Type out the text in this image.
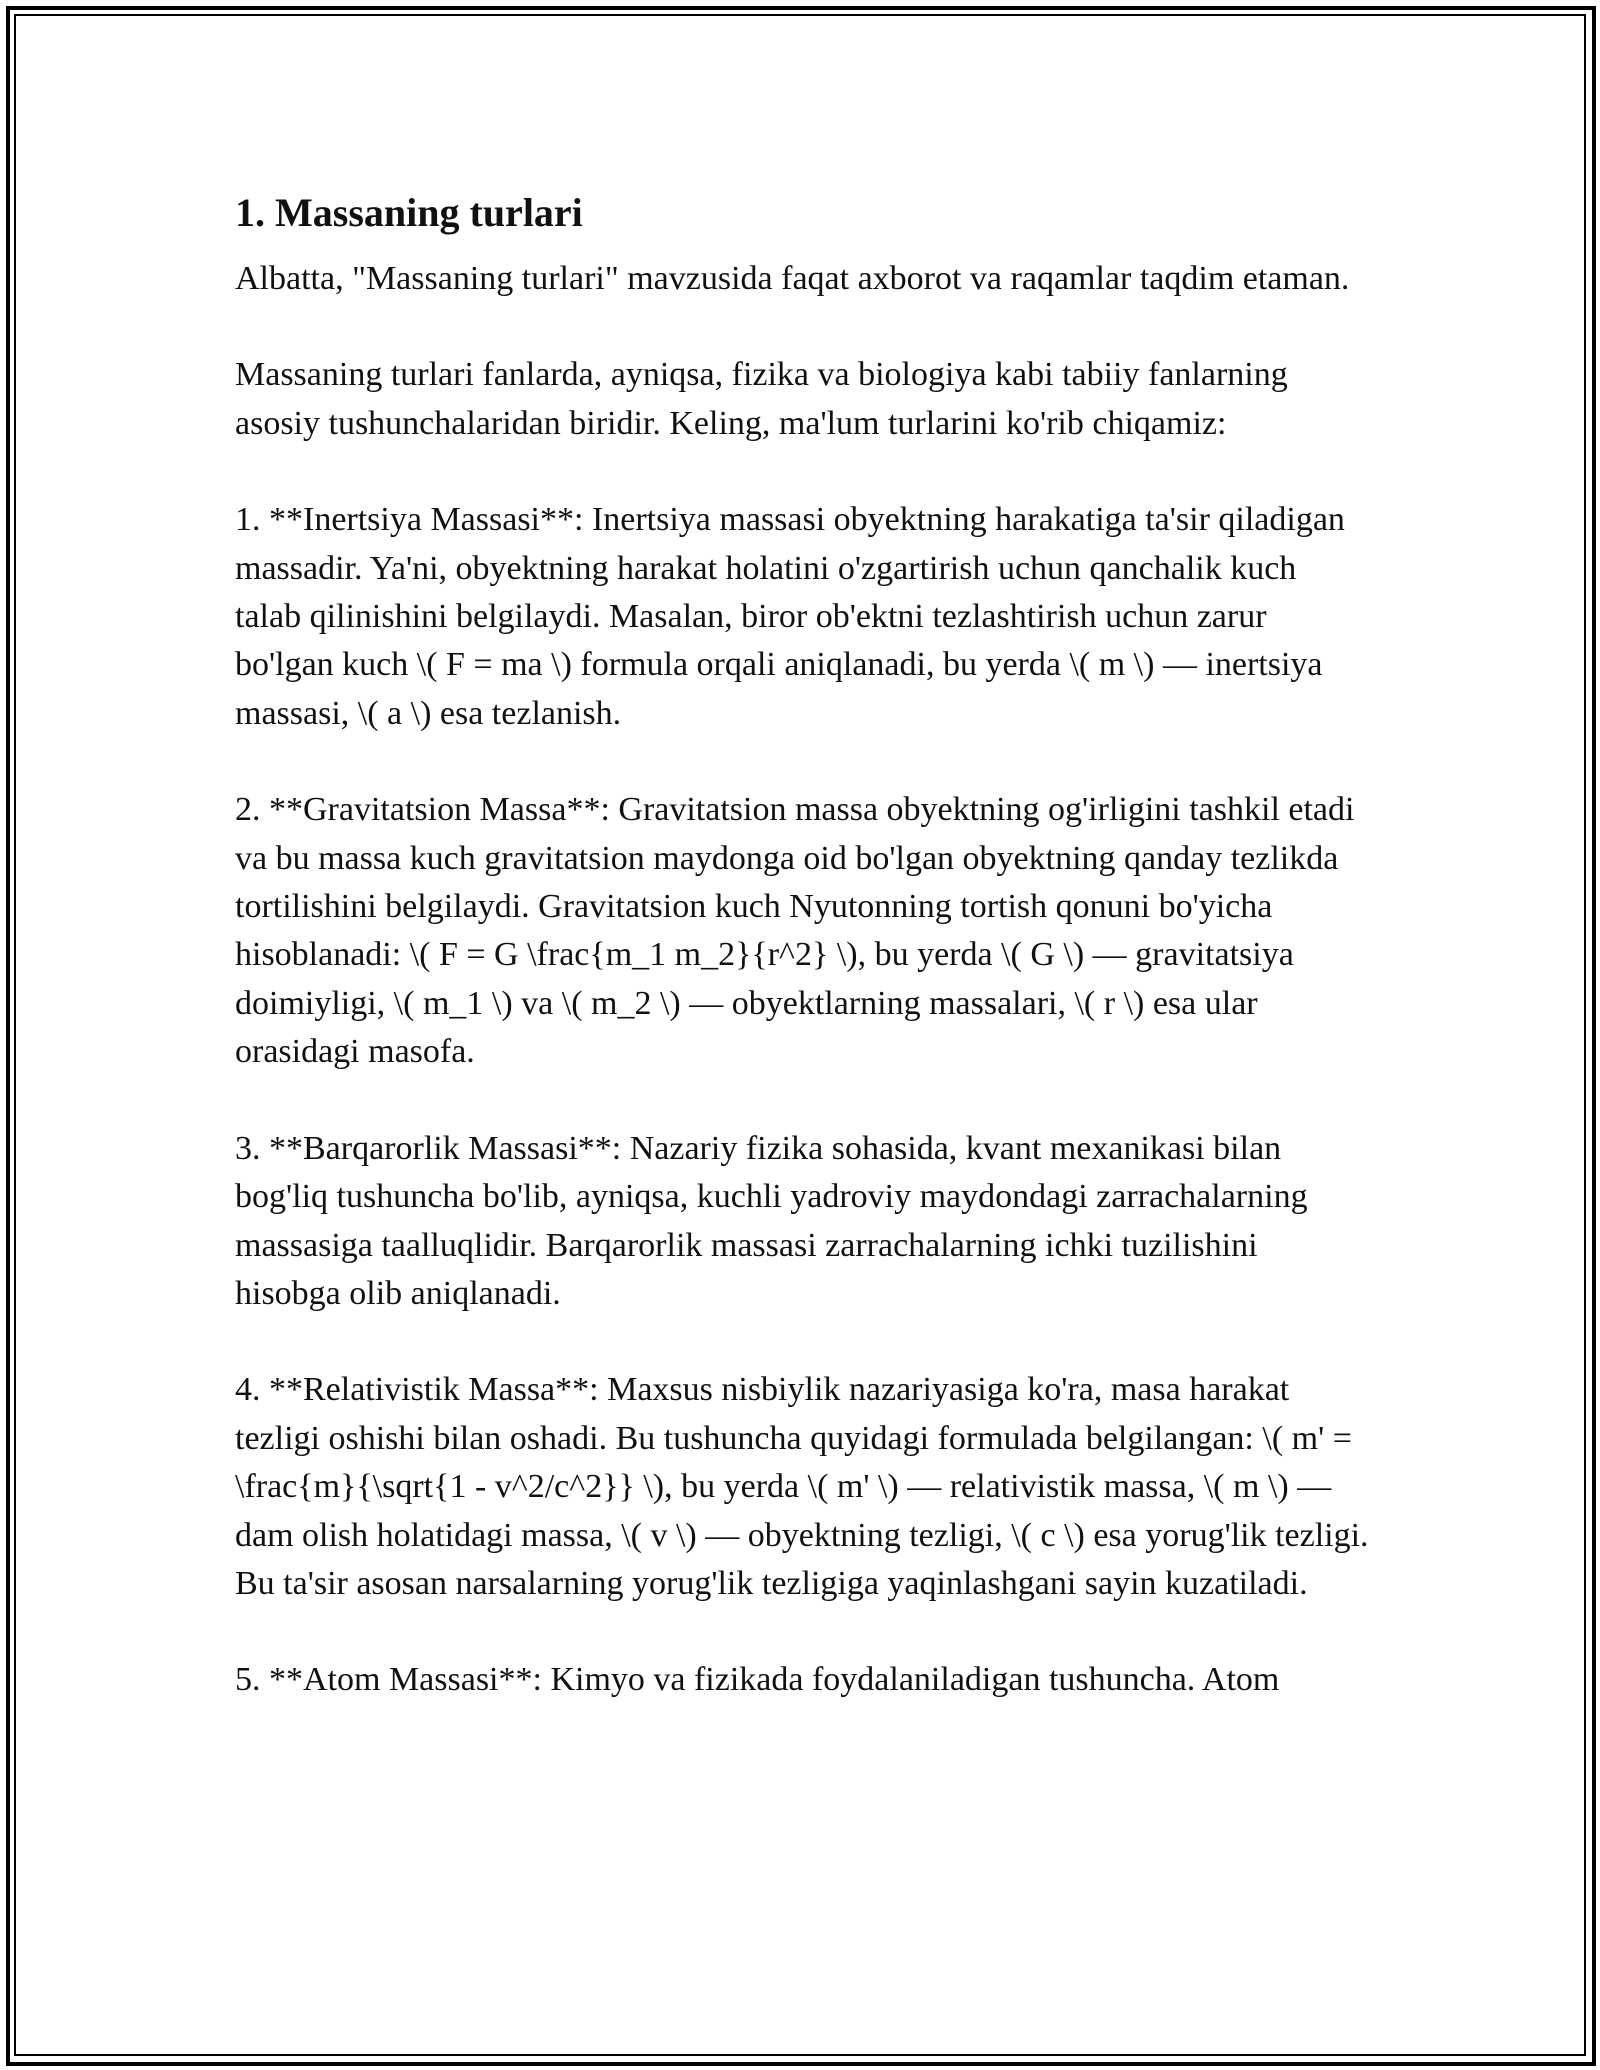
1. Massaning turlari

Albatta, "Massaning turlari" mavzusida faqat axborot va raqamlar taqdim etaman.

Massaning turlari fanlarda, ayniqsa, fizika va biologiya kabi tabiiy fanlarning asosiy tushunchalaridan biridir. Keling, ma'lum turlarini ko'rib chiqamiz:

1. **Inertsiya Massasi**: Inertsiya massasi obyektning harakatiga ta'sir qiladigan massadir. Ya'ni, obyektning harakat holatini o'zgartirish uchun qanchalik kuch talab qilinishini belgilaydi. Masalan, biror ob'ektni tezlashtirish uchun zarur bo'lgan kuch \( F = ma \) formula orqali aniqlanadi, bu yerda \( m \) — inertsiya massasi, \( a \) esa tezlanish.

2. **Gravitatsion Massa**: Gravitatsion massa obyektning og'irligini tashkil etadi va bu massa kuch gravitatsion maydonga oid bo'lgan obyektning qanday tezlikda tortilishini belgilaydi. Gravitatsion kuch Nyutonning tortish qonuni bo'yicha hisoblanadi: \( F = G \frac{m_1 m_2}{r^2} \), bu yerda \( G \) — gravitatsiya doimiyligi, \( m_1 \) va \( m_2 \) — obyektlarning massalari, \( r \) esa ular orasidagi masofa.

3. **Barqarorlik Massasi**: Nazariy fizika sohasida, kvant mexanikasi bilan bog'liq tushuncha bo'lib, ayniqsa, kuchli yadroviy maydondagi zarrachalarning massasiga taalluqlidir. Barqarorlik massasi zarrachalarning ichki tuzilishini hisobga olib aniqlanadi.

4. **Relativistik Massa**: Maxsus nisbiylik nazariyasiga ko'ra, masa harakat tezligi oshishi bilan oshadi. Bu tushuncha quyidagi formulada belgilangan: \( m' = \frac{m}{\sqrt{1 - v^2/c^2}} \), bu yerda \( m' \) — relativistik massa, \( m \) — dam olish holatidagi massa, \( v \) — obyektning tezligi, \( c \) esa yorug'lik tezligi. Bu ta'sir asosan narsalarning yorug'lik tezligiga yaqinlashgani sayin kuzatiladi.

5. **Atom Massasi**: Kimyo va fizikada foydalaniladigan tushuncha. Atom
